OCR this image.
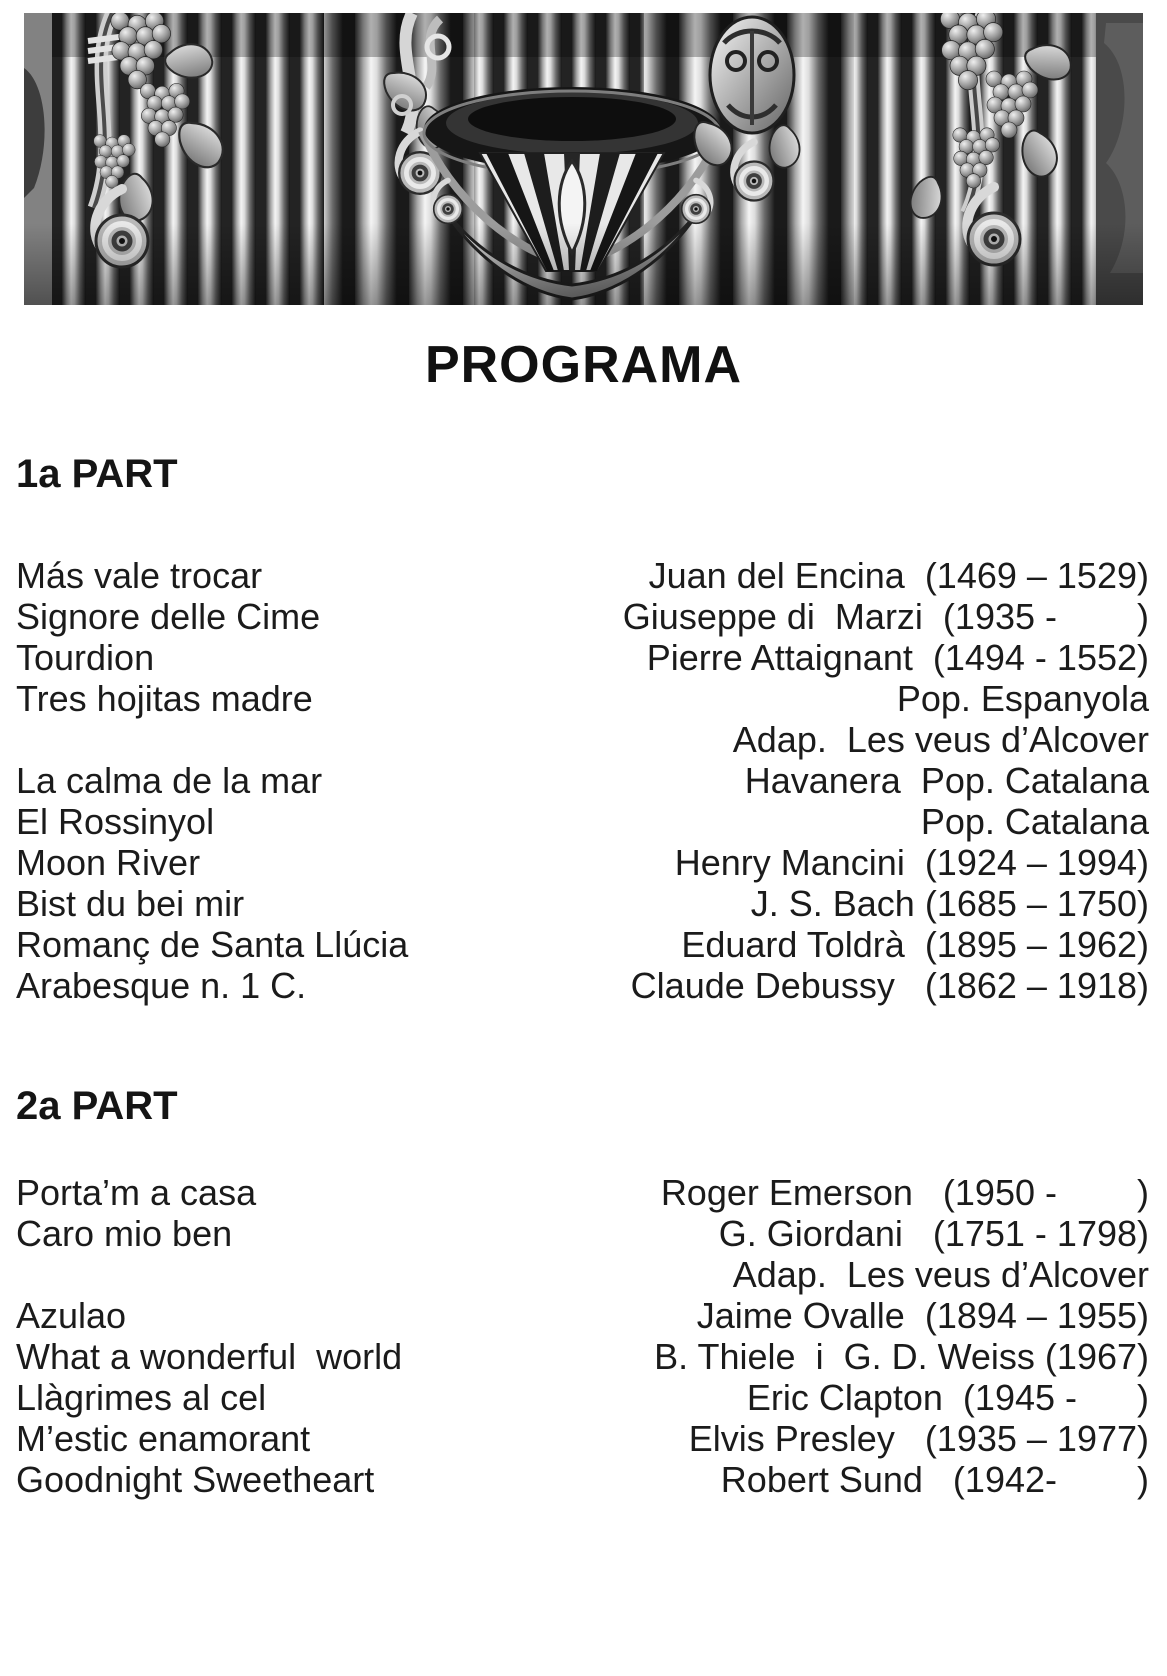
PROGRAMA
1a PART
Más vale trocar	Juan del Encina  (1469 – 1529)
Signore delle Cime	Giuseppe di  Marzi  (1935 -        )
Tourdion	Pierre Attaignant  (1494 - 1552)
Tres hojitas madre	Pop. Espanyola
Adap.  Les veus d’Alcover
La calma de la mar	Havanera  Pop. Catalana
El Rossinyol	Pop. Catalana
Moon River	Henry Mancini  (1924 – 1994)
Bist du bei mir	J. S. Bach (1685 – 1750)
Romanç de Santa Llúcia	Eduard Toldrà  (1895 – 1962)
Arabesque n. 1 C.	Claude Debussy   (1862 – 1918)
2a PART
Porta’m a casa	Roger Emerson   (1950 -        )
Caro mio ben	G. Giordani   (1751 - 1798)
Adap.  Les veus d’Alcover
Azulao	Jaime Ovalle  (1894 – 1955)
What a wonderful  world	B. Thiele  i  G. D. Weiss (1967)
Llàgrimes al cel	Eric Clapton  (1945 -      )
M’estic enamorant	Elvis Presley   (1935 – 1977)
Goodnight Sweetheart	Robert Sund   (1942-        )
